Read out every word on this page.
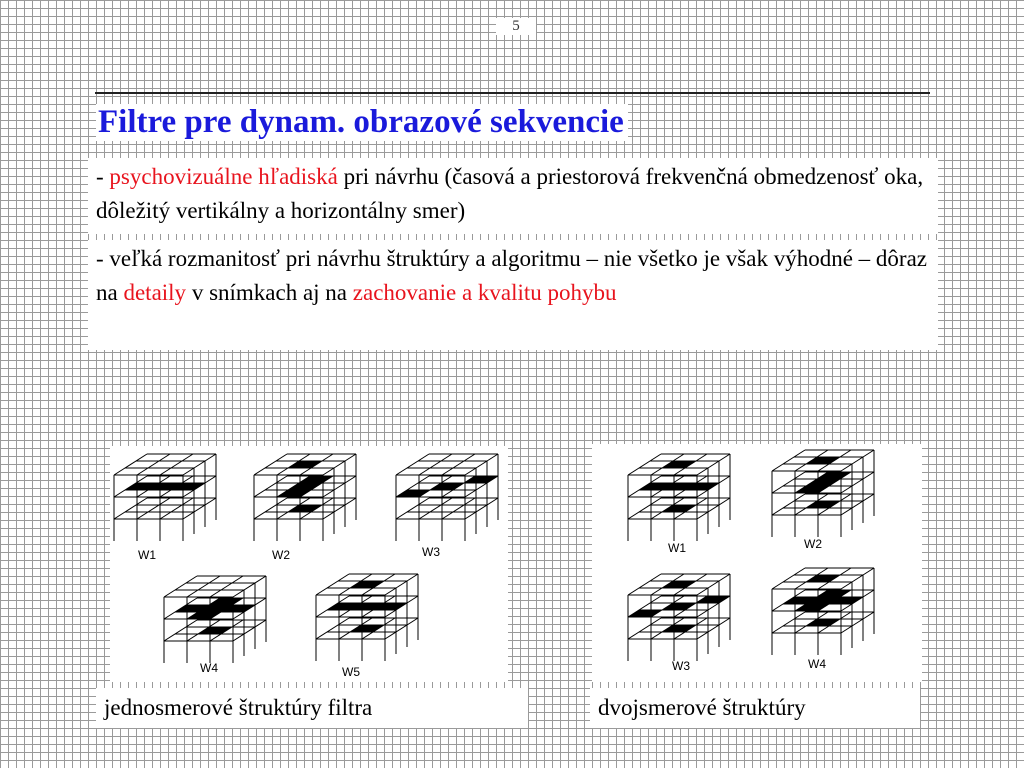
5
Filtre pre dynam. obrazové sekvencie
- psychovizuálne hľadiská pri návrhu (časová a priestorová frekvenčná obmedzenosť oka, dôležitý vertikálny a horizontálny smer)
- veľká rozmanitosť pri návrhu štruktúry a algoritmu – nie všetko je však výhodné – dôraz na detaily v snímkach aj na zachovanie a kvalitu pohybu
W1	W2	W3
W4	W5
W1	W2
W3	W4
jednosmerové štruktúry filtra	dvojsmerové štruktúry
